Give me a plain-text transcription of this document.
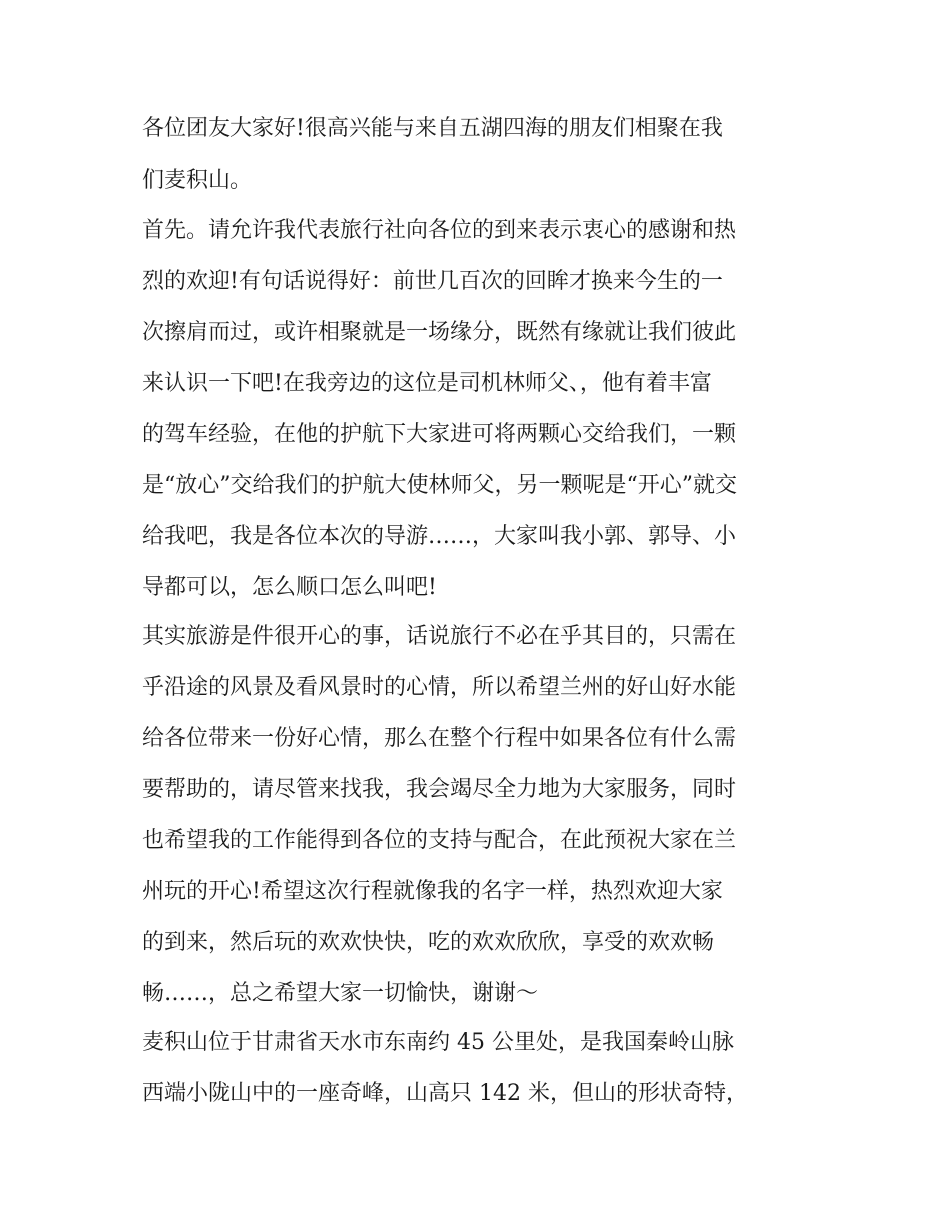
各位团友大家好!很高兴能与来自五湖四海的朋友们相聚在我
们麦积山。
首先。请允许我代表旅行社向各位的到来表示衷心的感谢和热
烈的欢迎!有句话说得好：前世几百次的回眸才换来今生的一
次擦肩而过，或许相聚就是一场缘分，既然有缘就让我们彼此
来认识一下吧!在我旁边的这位是司机林师父、，他有着丰富
的驾车经验，在他的护航下大家进可将两颗心交给我们，一颗
是“放心”交给我们的护航大使林师父，另一颗呢是“开心”就交
给我吧，我是各位本次的导游……，大家叫我小郭、郭导、小
导都可以，怎么顺口怎么叫吧!
其实旅游是件很开心的事，话说旅行不必在乎其目的，只需在
乎沿途的风景及看风景时的心情，所以希望兰州的好山好水能
给各位带来一份好心情，那么在整个行程中如果各位有什么需
要帮助的，请尽管来找我，我会竭尽全力地为大家服务，同时
也希望我的工作能得到各位的支持与配合，在此预祝大家在兰
州玩的开心!希望这次行程就像我的名字一样，热烈欢迎大家
的到来，然后玩的欢欢快快，吃的欢欢欣欣，享受的欢欢畅
畅……，总之希望大家一切愉快，谢谢～
麦积山位于甘肃省天水市东南约 45 公里处，是我国秦岭山脉
西端小陇山中的一座奇峰，山高只 142 米，但山的形状奇特，
